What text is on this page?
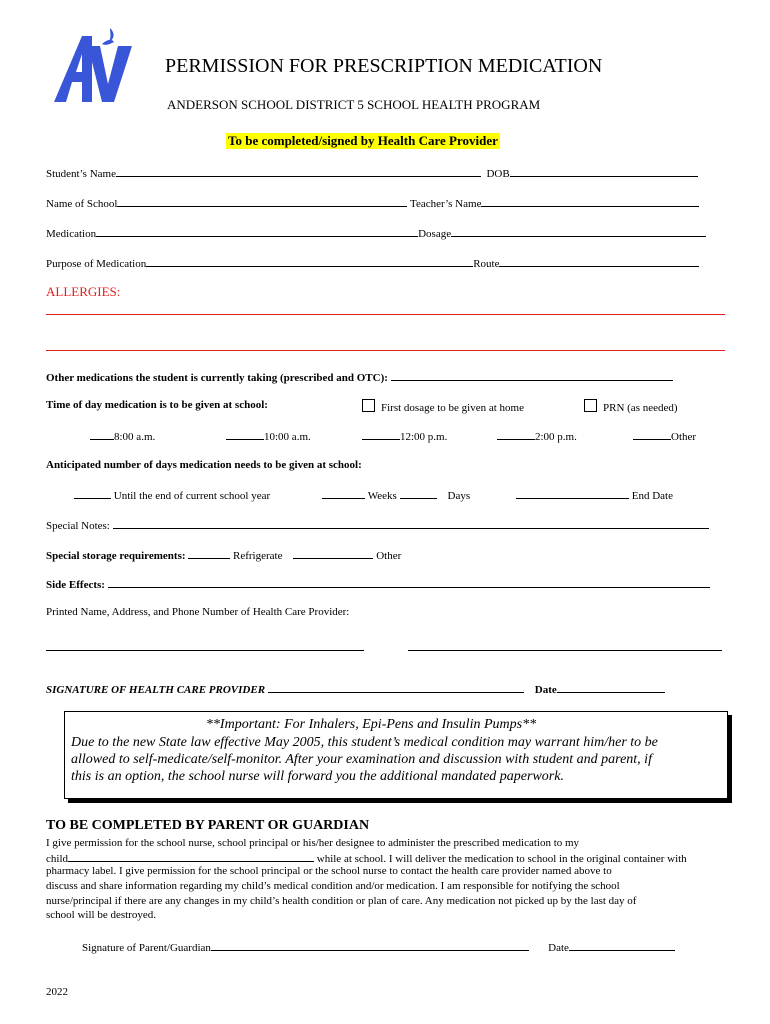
PERMISSION FOR PRESCRIPTION MEDICATION
ANDERSON SCHOOL DISTRICT 5 SCHOOL HEALTH PROGRAM
To be completed/signed by Health Care Provider
Student’s Name	DOB
Name of School	Teacher’s Name
Medication	Dosage
Purpose of Medication	Route
ALLERGIES:
Other medications the student is currently taking (prescribed and OTC):
Time of day medication is to be given at school:	First dosage to be given at home	PRN (as needed)
8:00 a.m.	10:00 a.m.	12:00 p.m.	2:00 p.m.	Other
Anticipated number of days medication needs to be given at school:
Until the end of current school year	Weeks	Days	End Date
Special Notes:
Special storage requirements:	Refrigerate	Other
Side Effects:
Printed Name, Address, and Phone Number of Health Care Provider:
SIGNATURE OF HEALTH CARE PROVIDER	Date
**Important: For Inhalers, Epi-Pens and Insulin Pumps**
Due to the new State law effective May 2005, this student’s medical condition may warrant him/her to be
allowed to self-medicate/self-monitor. After your examination and discussion with student and parent, if
this is an option, the school nurse will forward you the additional mandated paperwork.
TO BE COMPLETED BY PARENT OR GUARDIAN
I give permission for the school nurse, school principal or his/her designee to administer the prescribed medication to my
child	while at school. I will deliver the medication to school in the original container with
pharmacy label. I give permission for the school principal or the school nurse to contact the health care provider named above to
discuss and share information regarding my child’s medical condition and/or medication. I am responsible for notifying the school
nurse/principal if there are any changes in my child’s health condition or plan of care. Any medication not picked up by the last day of
school will be destroyed.
Signature of Parent/Guardian	Date
2022
